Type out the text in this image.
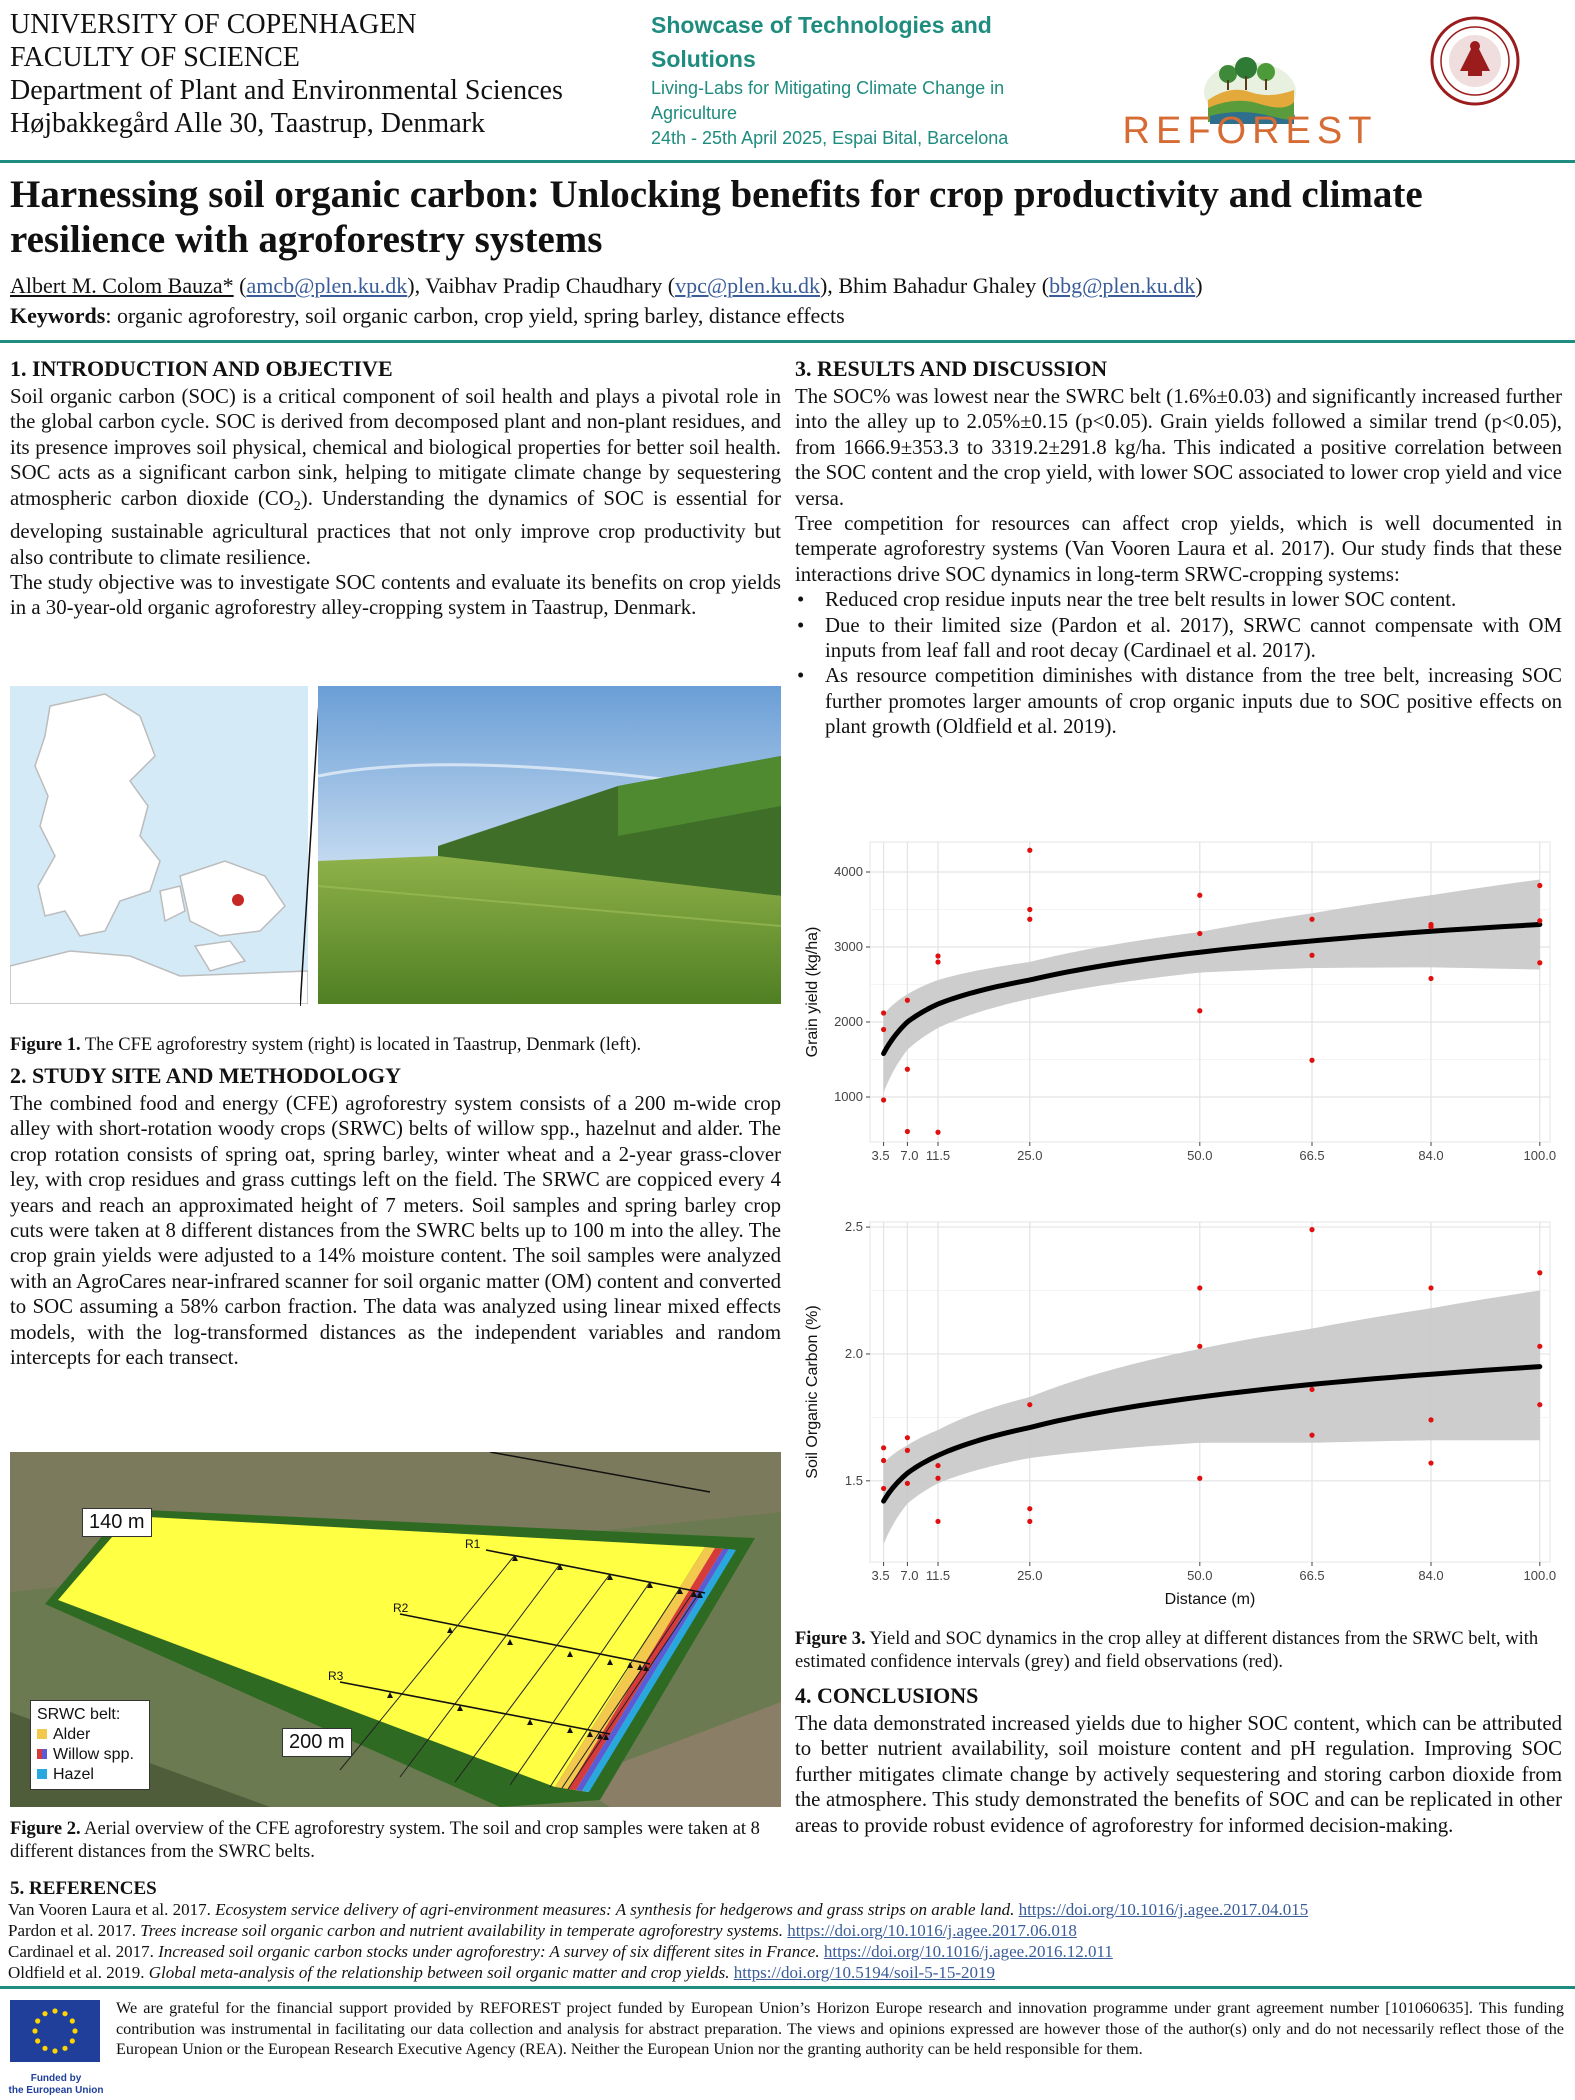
UNIVERSITY OF COPENHAGEN
FACULTY OF SCIENCE
Department of Plant and Environmental Sciences
Højbakkegård Alle 30, Taastrup, Denmark
Showcase of Technologies and
Solutions
Living-Labs for Mitigating Climate Change in
Agriculture
24th - 25th April 2025, Espai Bital, Barcelona	REFOREST
Harnessing soil organic carbon: Unlocking benefits for crop productivity and climate
resilience with agroforestry systems
Albert M. Colom Bauza* (amcb@plen.ku.dk), Vaibhav Pradip Chaudhary (vpc@plen.ku.dk), Bhim Bahadur Ghaley (bbg@plen.ku.dk)
Keywords: organic agroforestry, soil organic carbon, crop yield, spring barley, distance effects
1. INTRODUCTION AND OBJECTIVE

Soil organic carbon (SOC) is a critical component of soil health and plays a pivotal role in the global carbon cycle. SOC is derived from decomposed plant and non-plant residues, and its presence improves soil physical, chemical and biological properties for better soil health. SOC acts as a significant carbon sink, helping to mitigate climate change by sequestering atmospheric carbon dioxide $(CO_2)$. Understanding the dynamics of SOC is essential for developing sustainable agricultural practices that not only improve crop productivity but also contribute to climate resilience.

The study objective was to investigate SOC contents and evaluate its benefits on crop yields in a 30-year-old organic agroforestry alley-cropping system in Taastrup, Denmark.

Figure 1. The CFE agroforestry system (right) is located in Taastrup, Denmark (left).
2. STUDY SITE AND METHODOLOGY
The combined food and energy (CFE) agroforestry system consists of a 200 m-wide crop alley with short-rotation woody crops (SRWC) belts of willow spp., hazelnut and alder. The crop rotation consists of spring oat, spring barley, winter wheat and a 2-year grass-clover ley, with crop residues and grass cuttings left on the field. The SRWC are coppiced every 4 years and reach an approximated height of 7 meters. Soil samples and spring barley crop cuts were taken at 8 different distances from the SWRC belts up to 100 m into the alley. The crop grain yields were adjusted to a 14% moisture content. The soil samples were analyzed with an AgroCares near-infrared scanner for soil organic matter (OM) content and converted to SOC assuming a 58% carbon fraction. The data was analyzed using linear mixed effects models, with the log-transformed distances as the independent variables and random intercepts for each transect.
R1
R2
R3
140 m
200 m
SRWC belt:
Alder
Willow spp.
Hazel
Figure 2. Aerial overview of the CFE agroforestry system. The soil and crop samples were taken at 8 different distances from the SWRC belts.
3. RESULTS AND DISCUSSION

The SOC% was lowest near the SWRC belt (1.6%±0.03) and significantly increased further into the alley up to 2.05%±0.15 (p<0.05). Grain yields followed a similar trend (p<0.05), from 1666.9±353.3 to 3319.2±291.8 kg/ha. This indicated a positive correlation between the SOC content and the crop yield, with lower SOC associated to lower crop yield and vice versa.

Tree competition for resources can affect crop yields, which is well documented in temperate agroforestry systems (Van Vooren Laura et al. 2017). Our study finds that these interactions drive SOC dynamics in long-term SRWC-cropping systems:

• Reduced crop residue inputs near the tree belt results in lower SOC content.
• Due to their limited size (Pardon et al. 2017), SRWC cannot compensate with OM inputs from leaf fall and root decay (Cardinael et al. 2017).
• As resource competition diminishes with distance from the tree belt, increasing SOC further promotes larger amounts of crop organic inputs due to SOC positive effects on plant growth (Oldfield et al. 2019).
1000
2000
3000
4000
3.5 7.0 11.5	25.0	50.0	66.5	84.0	100.0
Grain yield (kg/ha)
1.5
2.0
2.5
3.5 7.0 11.5	25.0	50.0	66.5	84.0	100.0
Soil Organic Carbon (%)
Distance (m)
Figure 3. Yield and SOC dynamics in the crop alley at different distances from the SRWC belt, with estimated confidence intervals (grey) and field observations (red).
4. CONCLUSIONS
The data demonstrated increased yields due to higher SOC content, which can be attributed to better nutrient availability, soil moisture content and pH regulation. Improving SOC further mitigates climate change by actively sequestering and storing carbon dioxide from the atmosphere. This study demonstrated the benefits of SOC and can be replicated in other areas to provide robust evidence of agroforestry for informed decision-making.
5. REFERENCES
Van Vooren Laura et al. 2017. Ecosystem service delivery of agri-environment measures: A synthesis for hedgerows and grass strips on arable land. https://doi.org/10.1016/j.agee.2017.04.015
Pardon et al. 2017. Trees increase soil organic carbon and nutrient availability in temperate agroforestry systems. https://doi.org/10.1016/j.agee.2017.06.018
Cardinael et al. 2017. Increased soil organic carbon stocks under agroforestry: A survey of six different sites in France. https://doi.org/10.1016/j.agee.2016.12.011
Oldfield et al. 2019. Global meta-analysis of the relationship between soil organic matter and crop yields. https://doi.org/10.5194/soil-5-15-2019
Funded by
the European Union
We are grateful for the financial support provided by REFOREST project funded by European Union’s Horizon Europe research and innovation programme under grant agreement number [101060635]. This funding contribution was instrumental in facilitating our data collection and analysis for abstract preparation. The views and opinions expressed are however those of the author(s) only and do not necessarily reflect those of the European Union or the European Research Executive Agency (REA). Neither the European Union nor the granting authority can be held responsible for them.
